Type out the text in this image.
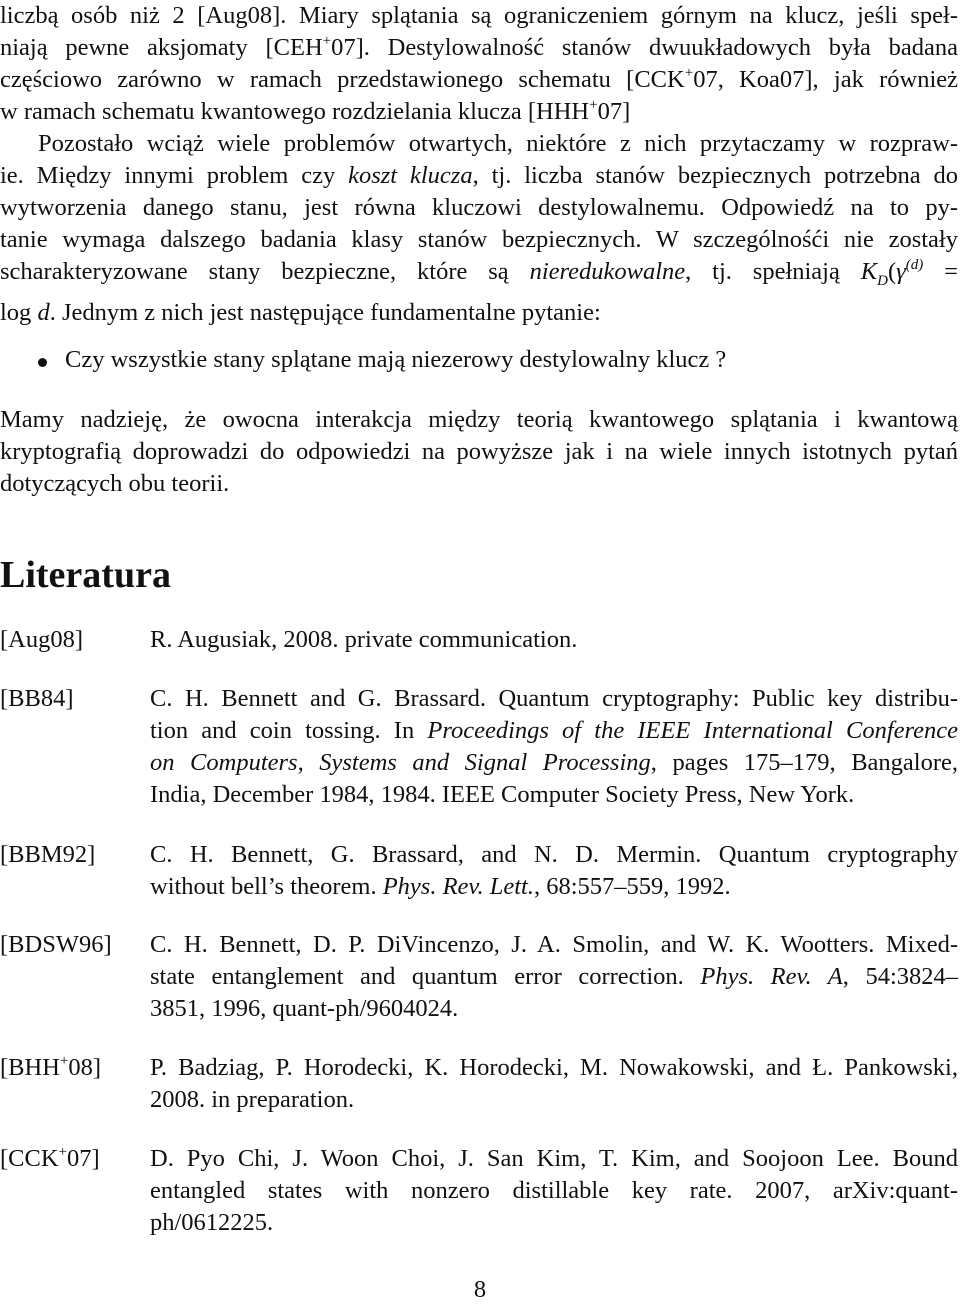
liczbą osób niż 2 [Aug08]. Miary splątania są ograniczeniem górnym na klucz, jeśli speł-
niają pewne aksjomaty [CEH+07]. Destylowalność stanów dwuukładowych była badana
częściowo zarówno w ramach przedstawionego schematu [CCK+07, Koa07], jak również
w ramach schematu kwantowego rozdzielania klucza [HHH+07]
Pozostało wciąż wiele problemów otwartych, niektóre z nich przytaczamy w rozpraw-
ie. Między innymi problem czy koszt klucza, tj. liczba stanów bezpiecznych potrzebna do
wytworzenia danego stanu, jest równa kluczowi destylowalnemu. Odpowiedź na to py-
tanie wymaga dalszego badania klasy stanów bezpiecznych. W szczególnośći nie zostały
scharakteryzowane stany bezpieczne, które są nieredukowalne, tj. spełniają $K_D(\gamma^{(d)}$ =
log d. Jednym z nich jest następujące fundamentalne pytanie:
Czy wszystkie stany splątane mają niezerowy destylowalny klucz ?
Mamy nadzieję, że owocna interakcja między teorią kwantowego splątania i kwantową
kryptografią doprowadzi do odpowiedzi na powyższe jak i na wiele innych istotnych pytań
dotyczących obu teorii.
Literatura
[Aug08]	R. Augusiak, 2008. private communication.
[BB84]	C. H. Bennett and G. Brassard. Quantum cryptography: Public key distribu-
tion and coin tossing. In Proceedings of the IEEE International Conference
on Computers, Systems and Signal Processing, pages 175–179, Bangalore,
India, December 1984, 1984. IEEE Computer Society Press, New York.
[BBM92] C. H. Bennett, G. Brassard, and N. D. Mermin. Quantum cryptography
without bell’s theorem. Phys. Rev. Lett., 68:557–559, 1992.
[BDSW96] C. H. Bennett, D. P. DiVincenzo, J. A. Smolin, and W. K. Wootters. Mixed-
state entanglement and quantum error correction. Phys. Rev. A, 54:3824–
3851, 1996, quant-ph/9604024.
[BHH+08] P. Badziag, P. Horodecki, K. Horodecki, M. Nowakowski, and Ł. Pankowski,
2008. in preparation.
[CCK+07] D. Pyo Chi, J. Woon Choi, J. San Kim, T. Kim, and Soojoon Lee. Bound
entangled states with nonzero distillable key rate. 2007, arXiv:quant-
ph/0612225.
8
